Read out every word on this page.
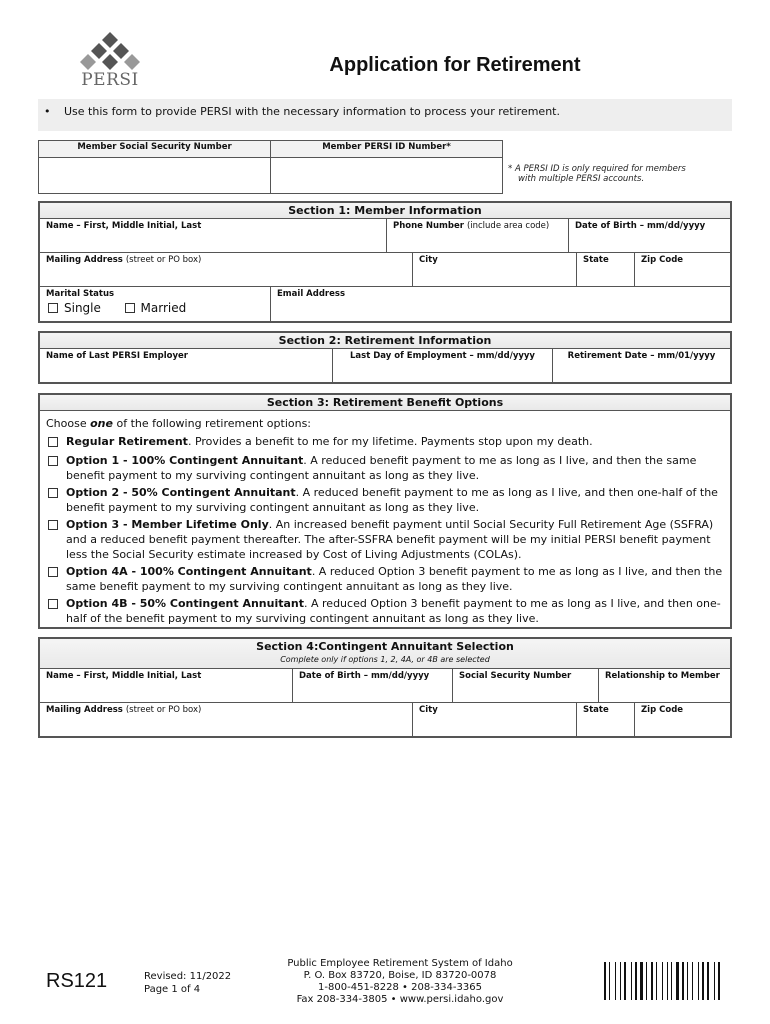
PERSI
Application for Retirement
• Use this form to provide PERSI with the necessary information to process your retirement.
Member Social Security Number	Member PERSI ID Number*

* A PERSI ID is only required for members
with multiple PERSI accounts.
Section 1: Member Information
Name – First, Middle Initial, Last	Phone Number (include area code)	Date of Birth – mm/dd/yyyy
Mailing Address (street or PO box)	City	State	Zip Code
Marital Status
Single	Married
Email Address
Section 2: Retirement Information
Name of Last PERSI Employer	Last Day of Employment – mm/dd/yyyy	Retirement Date – mm/01/yyyy
Section 3: Retirement Benefit Options
Choose one of the following retirement options:
Regular Retirement. Provides a benefit to me for my lifetime. Payments stop upon my death.
Option 1 - 100% Contingent Annuitant. A reduced benefit payment to me as long as I live, and then the same benefit payment to my surviving contingent annuitant as long as they live.
Option 2 - 50% Contingent Annuitant. A reduced benefit payment to me as long as I live, and then one-half of the benefit payment to my surviving contingent annuitant as long as they live.
Option 3 - Member Lifetime Only. An increased benefit payment until Social Security Full Retirement Age (SSFRA) and a reduced benefit payment thereafter. The after-SSFRA benefit payment will be my initial PERSI benefit payment less the Social Security estimate increased by Cost of Living Adjustments (COLAs).
Option 4A - 100% Contingent Annuitant. A reduced Option 3 benefit payment to me as long as I live, and then the same benefit payment to my surviving contingent annuitant as long as they live.
Option 4B - 50% Contingent Annuitant. A reduced Option 3 benefit payment to me as long as I live, and then one-half of the benefit payment to my surviving contingent annuitant as long as they live.
Section 4:Contingent Annuitant Selection
Complete only if options 1, 2, 4A, or 4B are selected
Name – First, Middle Initial, Last	Date of Birth – mm/dd/yyyy	Social Security Number	Relationship to Member
Mailing Address (street or PO box)	City	State	Zip Code
RS121	Revised: 11/2022
Page 1 of 4
Public Employee Retirement System of Idaho
P. O. Box 83720, Boise, ID 83720-0078
1-800-451-8228 • 208-334-3365
Fax 208-334-3805 • www.persi.idaho.gov
